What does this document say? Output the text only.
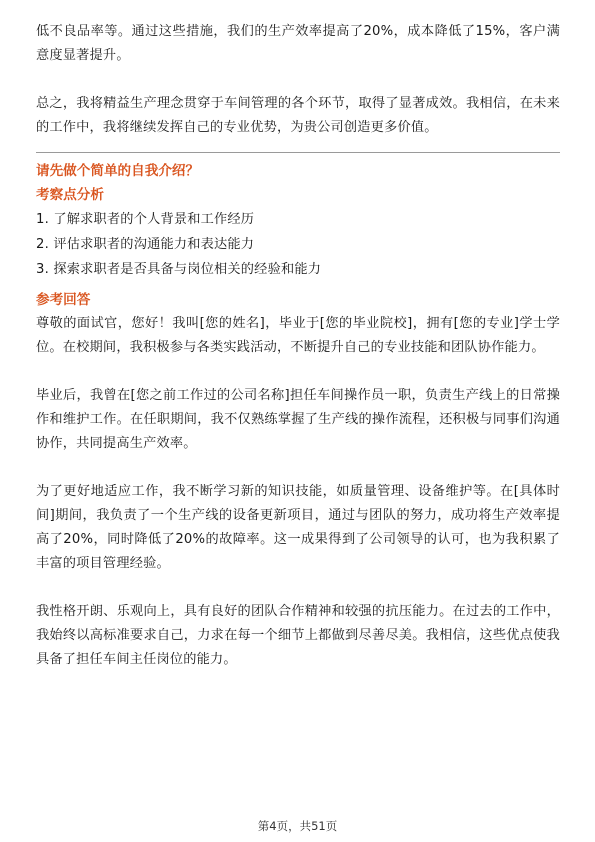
低不良品率等。通过这些措施，我们的生产效率提高了20%，成本降低了15%，客户满意度显著提升。

总之，我将精益生产理念贯穿于车间管理的各个环节，取得了显著成效。我相信，在未来的工作中，我将继续发挥自己的专业优势，为贵公司创造更多价值。

请先做个简单的自我介绍？

考察点分析

1. 了解求职者的个人背景和工作经历

2. 评估求职者的沟通能力和表达能力

3. 探索求职者是否具备与岗位相关的经验和能力

参考回答

尊敬的面试官，您好！我叫[您的姓名]，毕业于[您的毕业院校]，拥有[您的专业]学士学位。在校期间，我积极参与各类实践活动，不断提升自己的专业技能和团队协作能力。

毕业后，我曾在[您之前工作过的公司名称]担任车间操作员一职，负责生产线上的日常操作和维护工作。在任职期间，我不仅熟练掌握了生产线的操作流程，还积极与同事们沟通协作，共同提高生产效率。

为了更好地适应工作，我不断学习新的知识技能，如质量管理、设备维护等。在[具体时间]期间，我负责了一个生产线的设备更新项目，通过与团队的努力，成功将生产效率提高了20%，同时降低了20%的故障率。这一成果得到了公司领导的认可，也为我积累了丰富的项目管理经验。

我性格开朗、乐观向上，具有良好的团队合作精神和较强的抗压能力。在过去的工作中，我始终以高标准要求自己，力求在每一个细节上都做到尽善尽美。我相信，这些优点使我具备了担任车间主任岗位的能力。

第4页，共51页
